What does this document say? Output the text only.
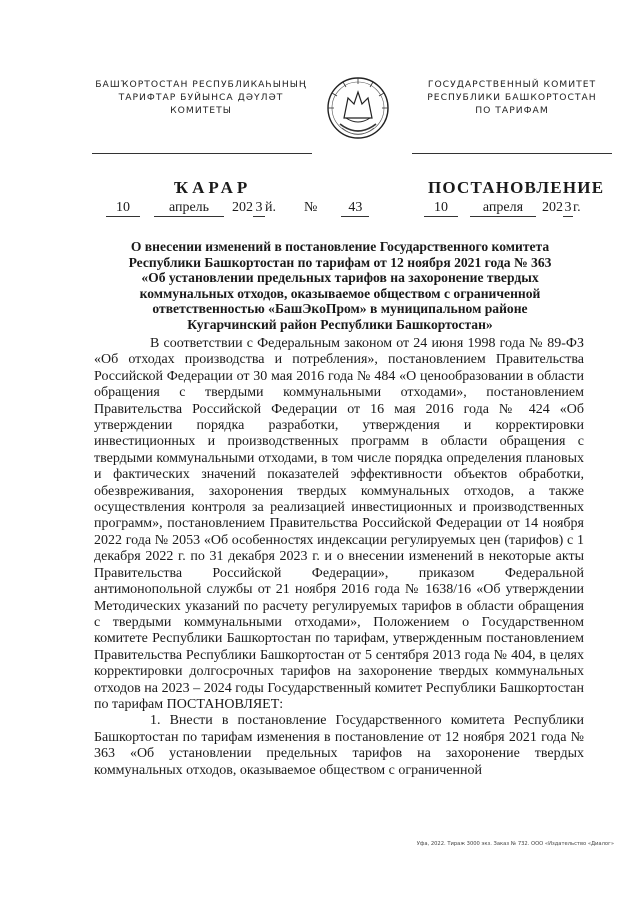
БАШҠОРТОСТАН РЕСПУБЛИКАҺЫНЫҢ
ТАРИФТАР БУЙЫНСА ДӘҮЛӘТ
КОМИТЕТЫ
ГОСУДАРСТВЕННЫЙ КОМИТЕТ
РЕСПУБЛИКИ БАШКОРТОСТАН
ПО ТАРИФАМ
ҠАРАР	ПОСТАНОВЛЕНИЕ
10	апрель 202 3 й. № 43	10 апреля 202 3 г.
О внесении изменений в постановление Государственного комитета
Республики Башкортостан по тарифам от 12 ноября 2021 года № 363
«Об установлении предельных тарифов на захоронение твердых
коммунальных отходов, оказываемое обществом с ограниченной
ответственностью «БашЭкоПром» в муниципальном районе
Кугарчинский район Республики Башкортостан»

В соответствии с Федеральным законом от 24 июня 1998 года № 89-ФЗ «Об отходах производства и потребления», постановлением Правительства Российской Федерации от 30 мая 2016 года № 484 «О ценообразовании в области обращения с твердыми коммунальными отходами», постановлением Правительства Российской Федерации от 16 мая 2016 года № 424 «Об утверждении порядка разработки, утверждения и корректировки инвестиционных и производственных программ в области обращения с твердыми коммунальными отходами, в том числе порядка определения плановых и фактических значений показателей эффективности объектов обработки, обезвреживания, захоронения твердых коммунальных отходов, а также осуществления контроля за реализацией инвестиционных и производственных программ», постановлением Правительства Российской Федерации от 14 ноября 2022 года № 2053 «Об особенностях индексации регулируемых цен (тарифов) с 1 декабря 2022 г. по 31 декабря 2023 г. и о внесении изменений в некоторые акты Правительства Российской Федерации», приказом Федеральной антимонопольной службы от 21 ноября 2016 года № 1638/16 «Об утверждении Методических указаний по расчету регулируемых тарифов в области обращения с твердыми коммунальными отходами», Положением о Государственном комитете Республики Башкортостан по тарифам, утвержденным постановлением Правительства Республики Башкортостан от 5 сентября 2013 года № 404, в целях корректировки долгосрочных тарифов на захоронение твердых коммунальных отходов на 2023 – 2024 годы Государственный комитет Республики Башкортостан по тарифам ПОСТАНОВЛЯЕТ:

1. Внести в постановление Государственного комитета Республики Башкортостан по тарифам изменения в постановление от 12 ноября 2021 года № 363 «Об установлении предельных тарифов на захоронение твердых коммунальных отходов, оказываемое обществом с ограниченной

Уфа, 2022. Тираж 3000 экз. Заказ № 732. ООО «Издательство «Диалог»
